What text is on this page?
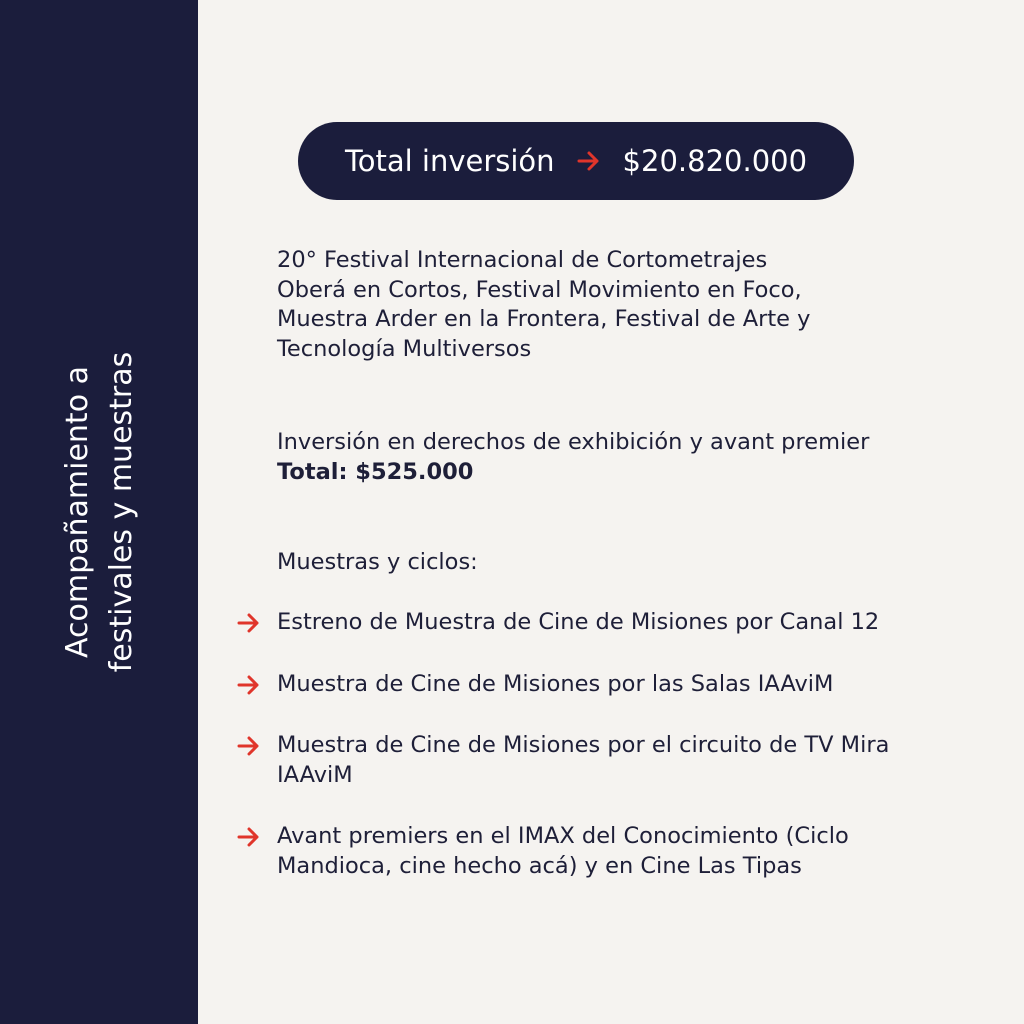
Acompañamiento a festivales y muestras
Total inversión $20.820.000
20° Festival Internacional de Cortometrajes
Oberá en Cortos, Festival Movimiento en Foco,
Muestra Arder en la Frontera, Festival de Arte y
Tecnología Multiversos
Inversión en derechos de exhibición y avant premier
Total: $525.000
Muestras y ciclos:
Estreno de Muestra de Cine de Misiones por Canal 12
Muestra de Cine de Misiones por las Salas IAAviM
Muestra de Cine de Misiones por el circuito de TV Mira IAAviM
Avant premiers en el IMAX del Conocimiento (Ciclo Mandioca, cine hecho acá) y en Cine Las Tipas
